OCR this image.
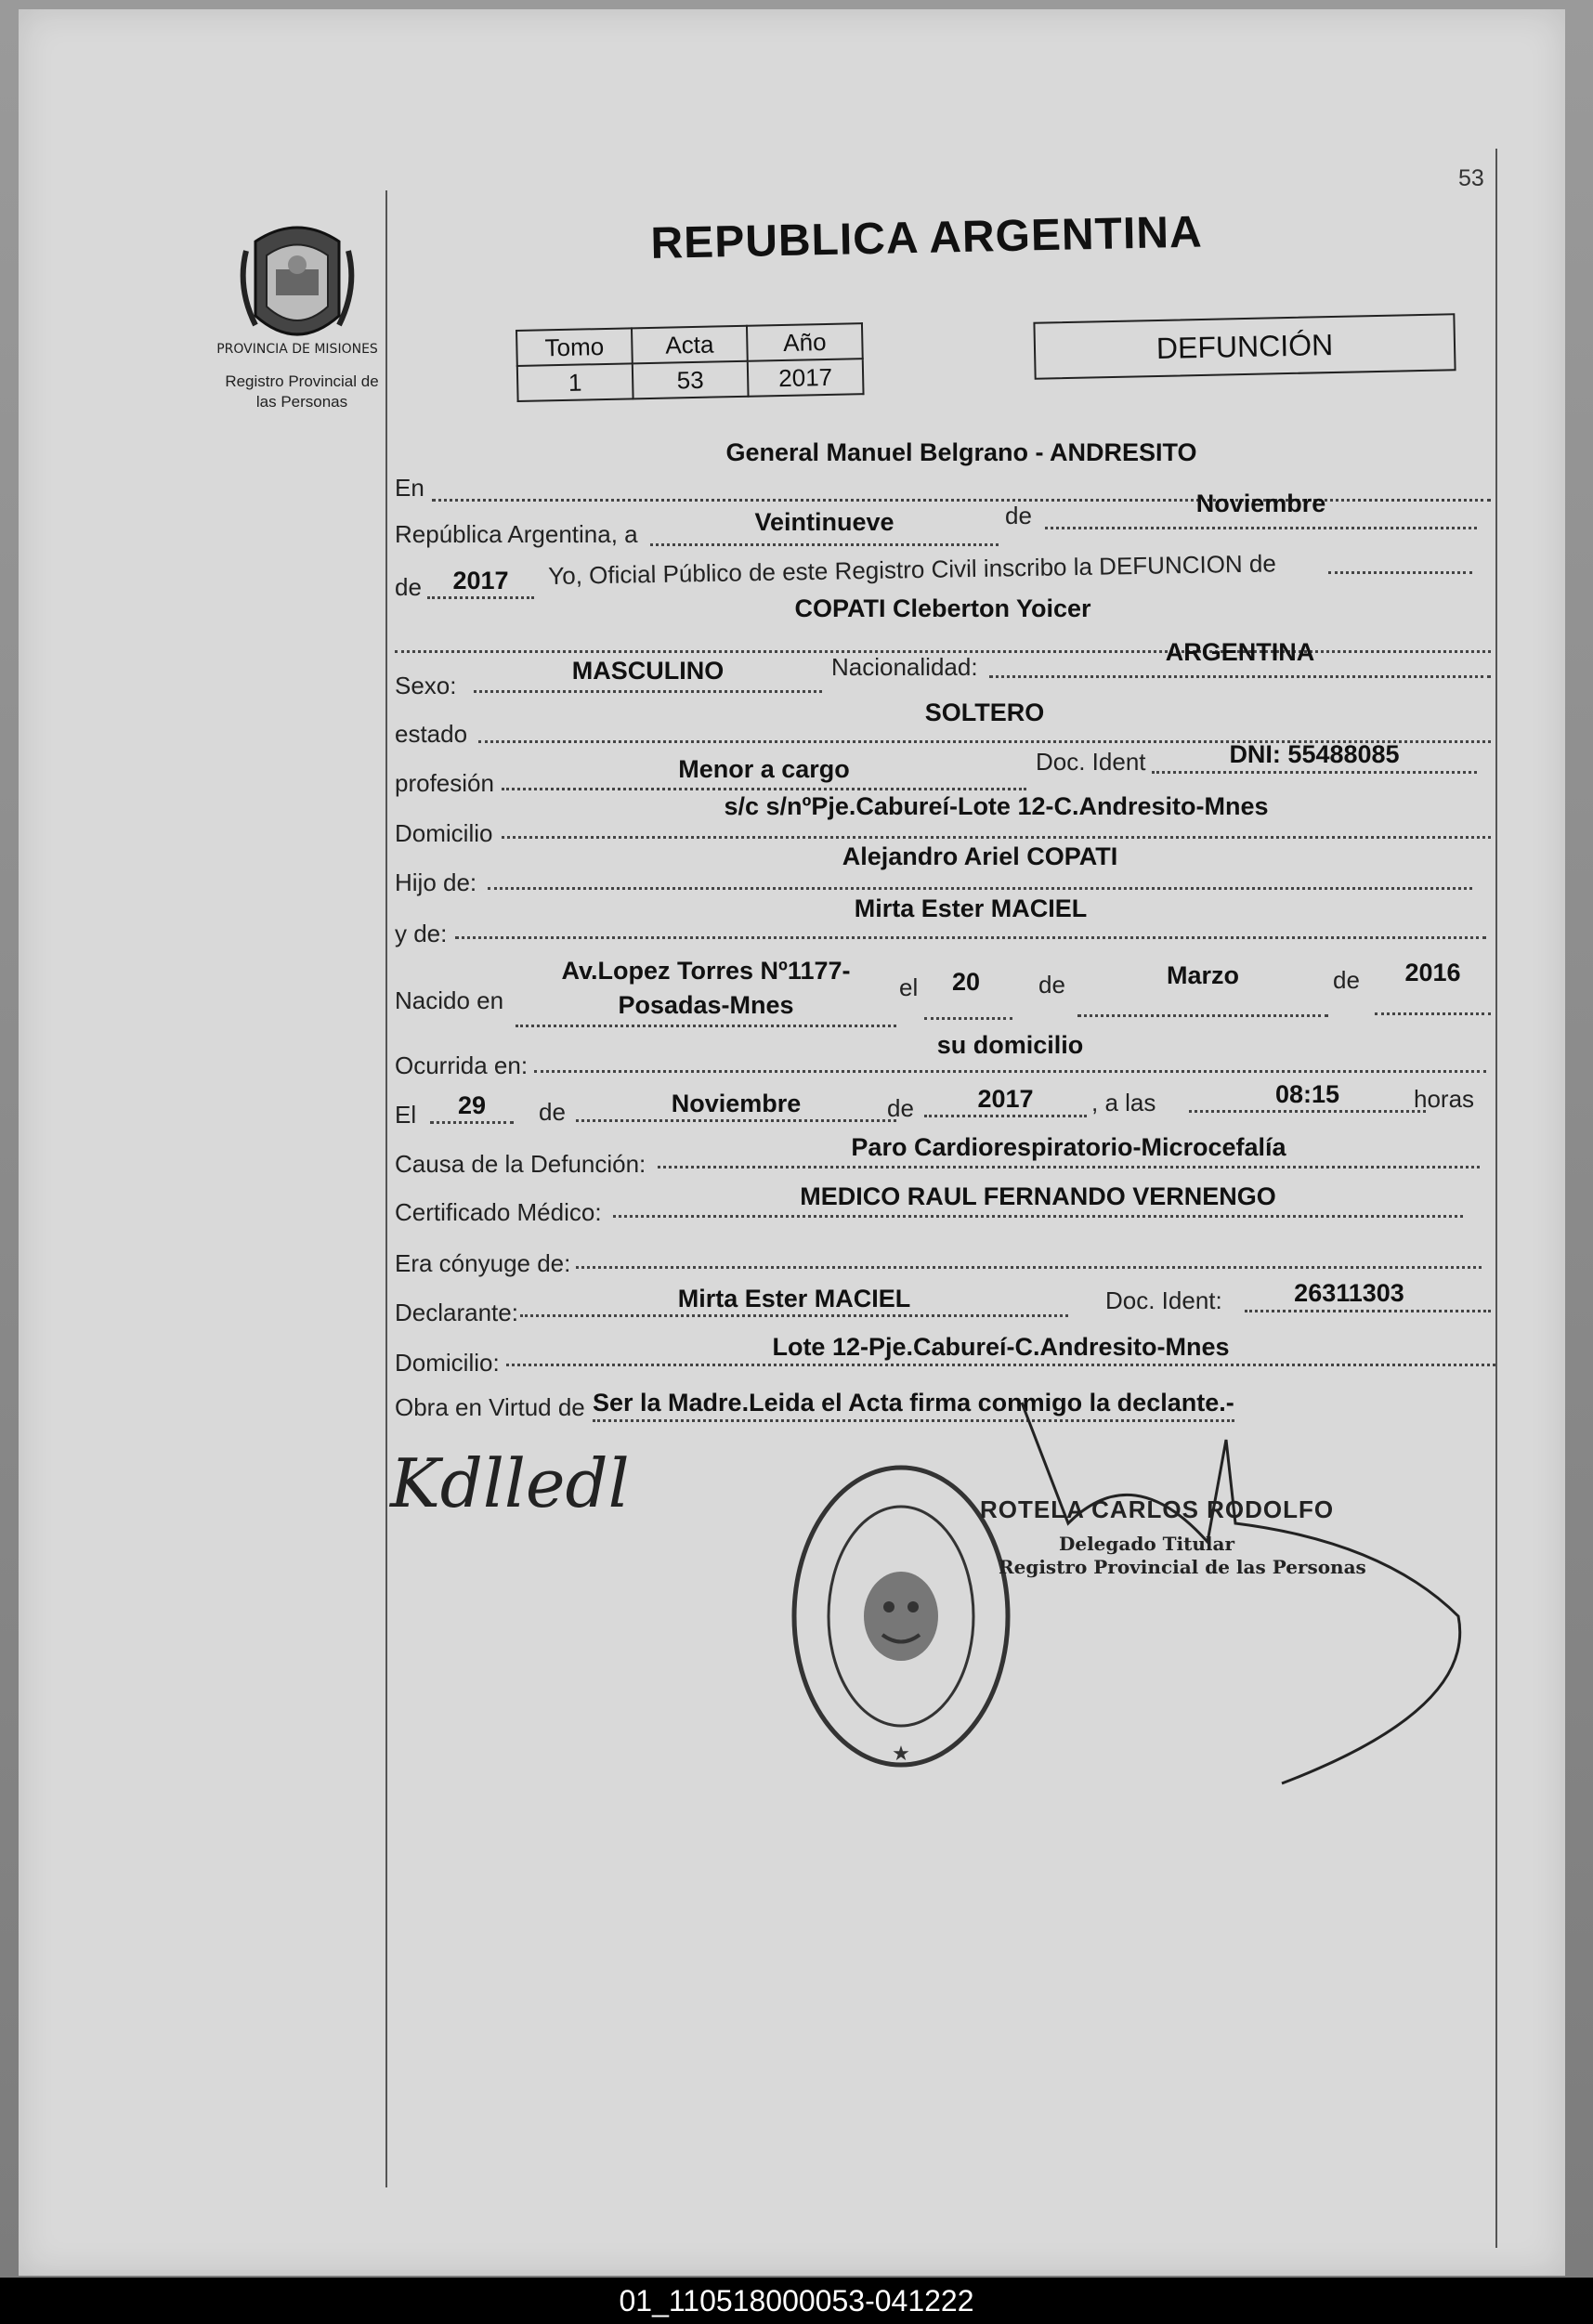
53
PROVINCIA DE MISIONES
Registro Provincial de
las Personas
REPUBLICA ARGENTINA
Tomo	Acta	Año
1	53	2017
DEFUNCIÓN
En
General Manuel Belgrano - ANDRESITO
República Argentina, a	Veintinueve	de	Noviembre
de	2017	Yo, Oficial Público de este Registro Civil inscribo la DEFUNCION de
COPATI Cleberton Yoicer
Sexo:
MASCULINO	Nacionalidad:
ARGENTINA
estado
SOLTERO
profesión	Menor a cargo	Doc. Ident	DNI: 55488085
Domicilio
s/c s/nºPje.Cabureí-Lote 12-C.Andresito-Mnes
Hijo de:
Alejandro Ariel COPATI
y de:
Mirta Ester MACIEL
Nacido en
Av.Lopez Torres Nº1177-
Posadas-Mnes
el	20	de	Marzo	de	2016
Ocurrida en:
su domicilio
El	29	de	Noviembre	de	2017	, a las	08:15	horas
Causa de la Defunción:
Paro Cardiorespiratorio-Microcefalía
Certificado Médico:
MEDICO RAUL FERNANDO VERNENGO
Era cónyuge de:
Declarante:	Mirta Ester MACIEL	Doc. Ident:	26311303
Domicilio:
Lote 12-Pje.Cabureí-C.Andresito-Mnes
Obra en Virtud de Ser la Madre.Leida el Acta firma conmigo la declante.-
Kdlledl
★
ROTELA CARLOS RODOLFO
Delegado Titular
Registro Provincial de las Personas
01_110518000053-041222
